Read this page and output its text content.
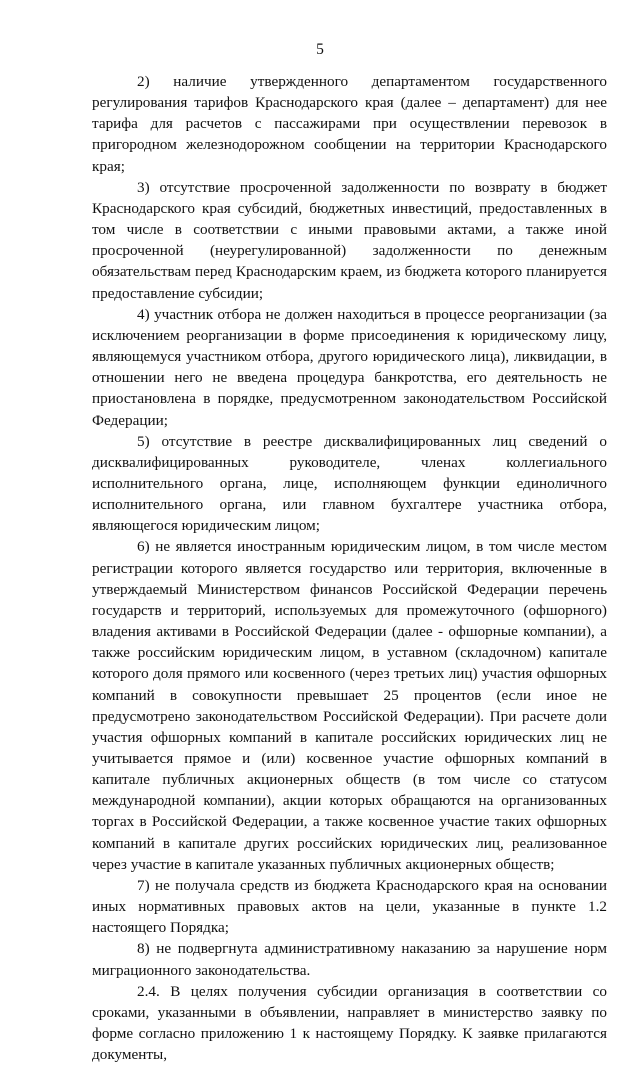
5

2) наличие утвержденного департаментом государственного регулирования тарифов Краснодарского края (далее – департамент) для нее тарифа для расчетов с пассажирами при осуществлении перевозок в пригородном железнодорожном сообщении на территории Краснодарского края;

3) отсутствие просроченной задолженности по возврату в бюджет Краснодарского края субсидий, бюджетных инвестиций, предоставленных в том числе в соответствии с иными правовыми актами, а также иной просроченной (неурегулированной) задолженности по денежным обязательствам перед Краснодарским краем, из бюджета которого планируется предоставление субсидии;

4) участник отбора не должен находиться в процессе реорганизации (за исключением реорганизации в форме присоединения к юридическому лицу, являющемуся участником отбора, другого юридического лица), ликвидации, в отношении него не введена процедура банкротства, его деятельность не приостановлена в порядке, предусмотренном законодательством Российской Федерации;

5) отсутствие в реестре дисквалифицированных лиц сведений о дисквалифицированных руководителе, членах коллегиального исполнительного органа, лице, исполняющем функции единоличного исполнительного органа, или главном бухгалтере участника отбора, являющегося юридическим лицом;

6) не является иностранным юридическим лицом, в том числе местом регистрации которого является государство или территория, включенные в утверждаемый Министерством финансов Российской Федерации перечень государств и территорий, используемых для промежуточного (офшорного) владения активами в Российской Федерации (далее - офшорные компании), а также российским юридическим лицом, в уставном (складочном) капитале которого доля прямого или косвенного (через третьих лиц) участия офшорных компаний в совокупности превышает 25 процентов (если иное не предусмотрено законодательством Российской Федерации). При расчете доли участия офшорных компаний в капитале российских юридических лиц не учитывается прямое и (или) косвенное участие офшорных компаний в капитале публичных акционерных обществ (в том числе со статусом международной компании), акции которых обращаются на организованных торгах в Российской Федерации, а также косвенное участие таких офшорных компаний в капитале других российских юридических лиц, реализованное через участие в капитале указанных публичных акционерных обществ;

7) не получала средств из бюджета Краснодарского края на основании иных нормативных правовых актов на цели, указанные в пункте 1.2 настоящего Порядка;

8) не подвергнута административному наказанию за нарушение норм миграционного законодательства.

2.4. В целях получения субсидии организация в соответствии со сроками, указанными в объявлении, направляет в министерство заявку по форме согласно приложению 1 к настоящему Порядку. К заявке прилагаются документы,
